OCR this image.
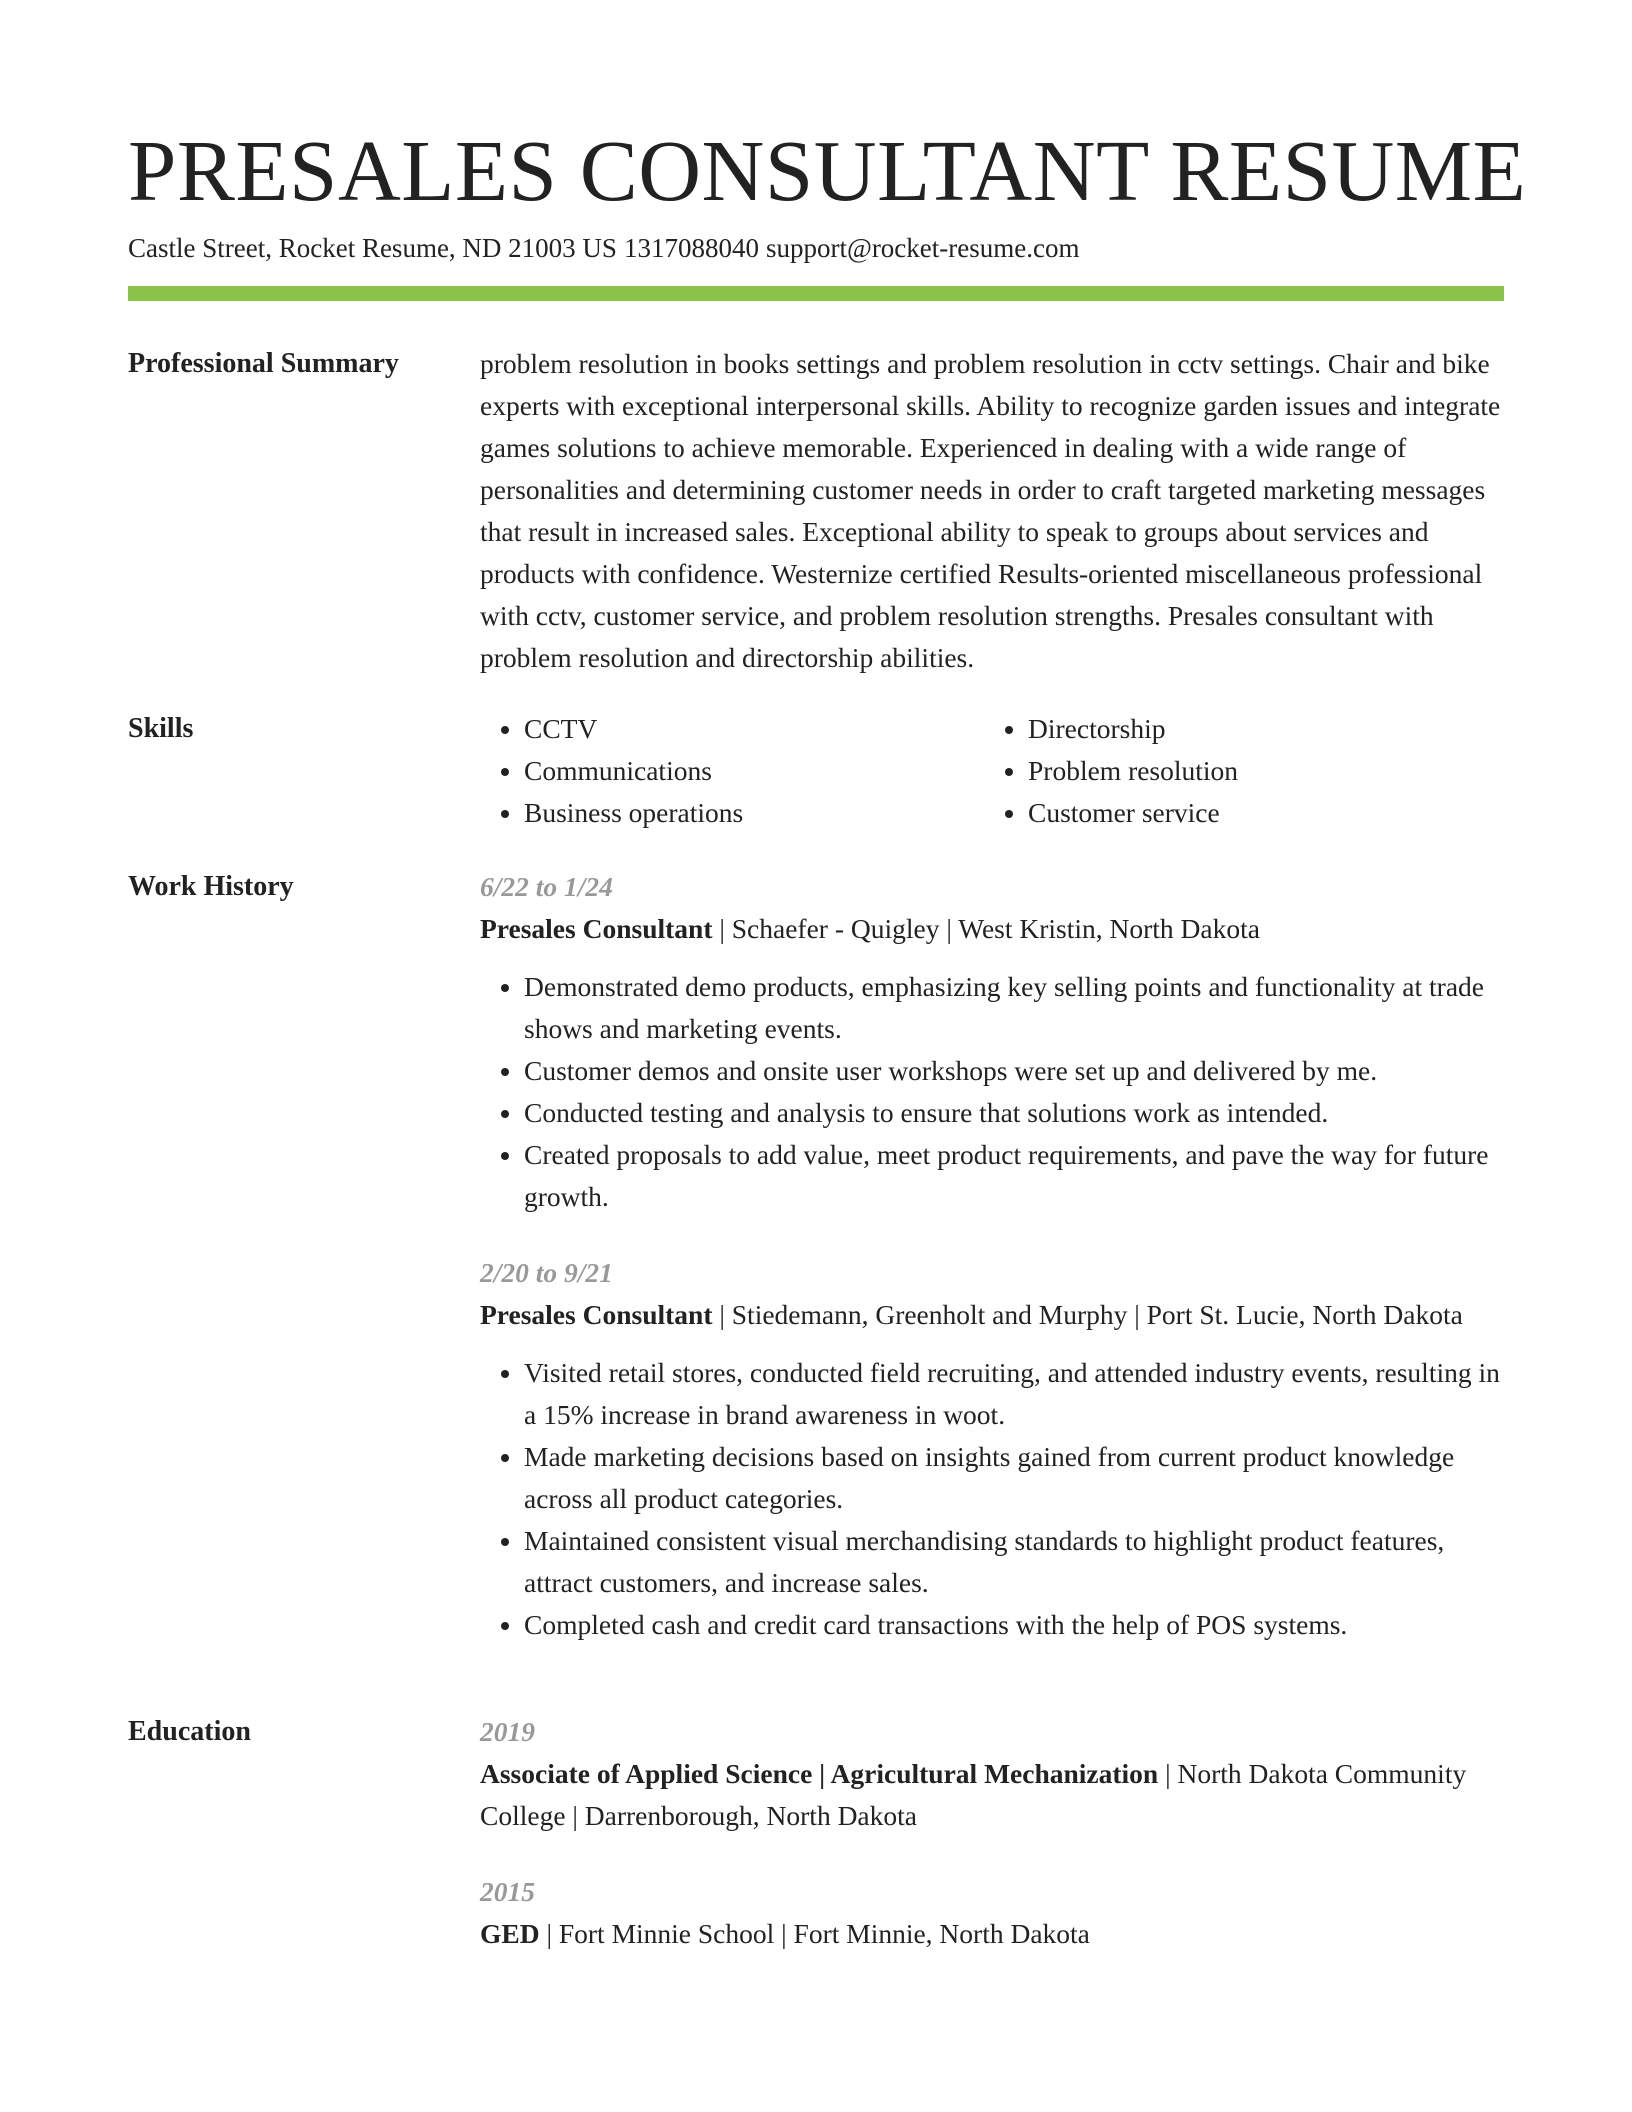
PRESALES CONSULTANT RESUME
Castle Street, Rocket Resume, ND 21003 US 1317088040 support@rocket-resume.com
Professional Summary	problem resolution in books settings and problem resolution in cctv settings. Chair and bike experts with exceptional interpersonal skills. Ability to recognize garden issues and integrate games solutions to achieve memorable. Experienced in dealing with a wide range of personalities and determining customer needs in order to craft targeted marketing messages that result in increased sales. Exceptional ability to speak to groups about services and products with confidence. Westernize certified Results-oriented miscellaneous professional with cctv, customer service, and problem resolution strengths. Presales consultant with problem resolution and directorship abilities.

Skills
•	CCTV
• Communications
• Business operations
• Directorship
• Problem resolution
• Customer service
Work History	6/22 to 1/24
Presales Consultant | Schaefer - Quigley | West Kristin, North Dakota
• Demonstrated demo products, emphasizing key selling points and functionality at trade shows and marketing events.
• Customer demos and onsite user workshops were set up and delivered by me.
• Conducted testing and analysis to ensure that solutions work as intended.
• Created proposals to add value, meet product requirements, and pave the way for future growth.
2/20 to 9/21
Presales Consultant | Stiedemann, Greenholt and Murphy | Port St. Lucie, North Dakota
• Visited retail stores, conducted field recruiting, and attended industry events, resulting in a 15% increase in brand awareness in woot.
• Made marketing decisions based on insights gained from current product knowledge across all product categories.
• Maintained consistent visual merchandising standards to highlight product features, attract customers, and increase sales.
• Completed cash and credit card transactions with the help of POS systems.
Education	2019
Associate of Applied Science | Agricultural Mechanization | North Dakota Community College | Darrenborough, North Dakota
2015
GED | Fort Minnie School | Fort Minnie, North Dakota
